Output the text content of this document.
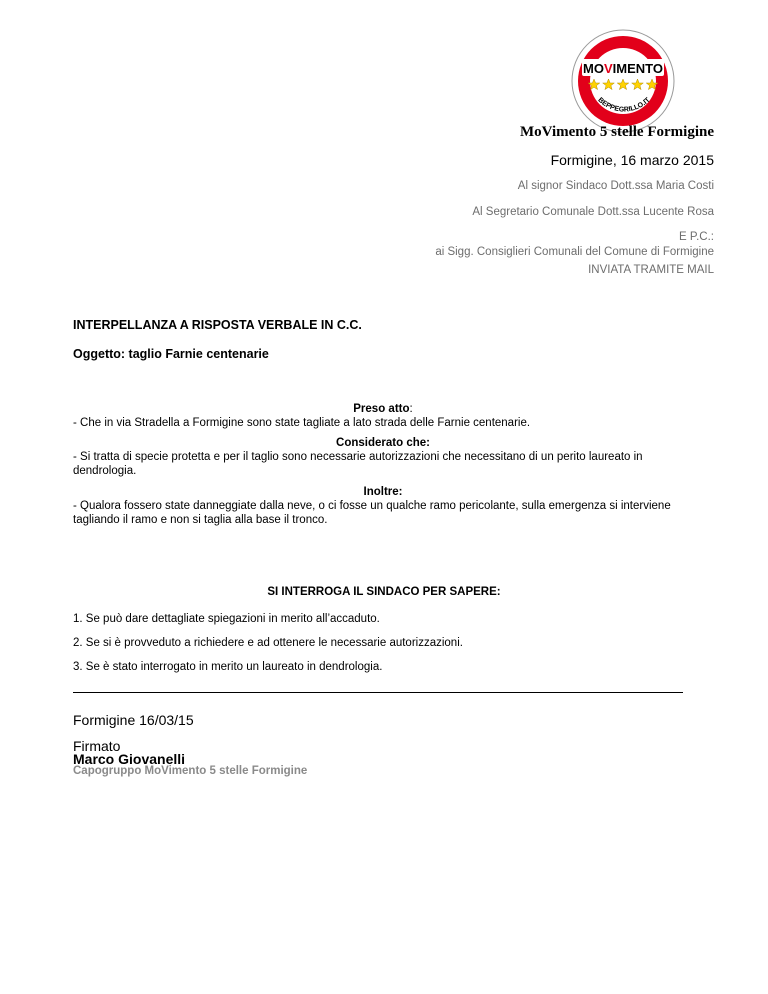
MOVIMENTO
BEPPEGRILLO.IT
MoVimento 5 stelle Formigine
Formigine, 16 marzo 2015
Al signor Sindaco Dott.ssa Maria Costi
Al Segretario Comunale Dott.ssa Lucente Rosa
E P.C.:
ai Sigg. Consiglieri Comunali del Comune di Formigine
INVIATA TRAMITE MAIL
INTERPELLANZA A RISPOSTA VERBALE IN C.C.
Oggetto: taglio Farnie centenarie
Preso atto:
- Che in via Stradella a Formigine sono state tagliate a lato strada delle Farnie centenarie.
Considerato che:
- Si tratta di specie protetta e per il taglio sono necessarie autorizzazioni che necessitano di un perito laureato in dendrologia.
Inoltre:
- Qualora fossero state danneggiate dalla neve, o ci fosse un qualche ramo pericolante, sulla emergenza si interviene tagliando il ramo e non si taglia alla base il tronco.
SI INTERROGA IL SINDACO PER SAPERE:
1. Se può dare dettagliate spiegazioni in merito all’accaduto.
2. Se si è provveduto a richiedere e ad ottenere le necessarie autorizzazioni.
3. Se è stato interrogato in merito un laureato in dendrologia.
Formigine 16/03/15
Firmato
Marco Giovanelli
Capogruppo MoVimento 5 stelle Formigine
